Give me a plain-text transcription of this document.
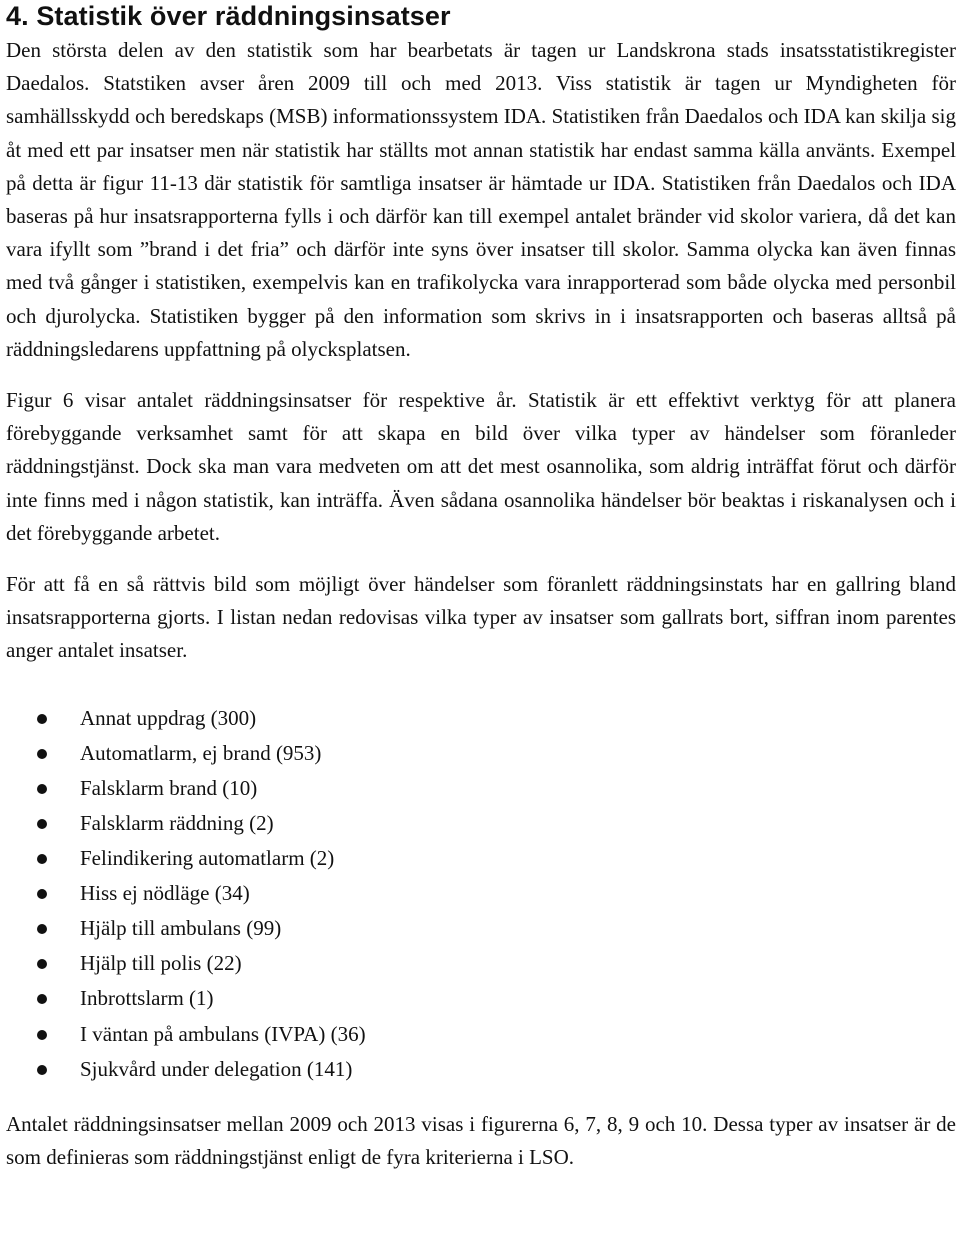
4. Statistik över räddningsinsatser

Den största delen av den statistik som har bearbetats är tagen ur Landskrona stads insatsstatistikregister Daedalos. Statstiken avser åren 2009 till och med 2013. Viss statistik är tagen ur Myndigheten för samhällsskydd och beredskaps (MSB) informationssystem IDA. Statistiken från Daedalos och IDA kan skilja sig åt med ett par insatser men när statistik har ställts mot annan statistik har endast samma källa använts. Exempel på detta är figur 11-13 där statistik för samtliga insatser är hämtade ur IDA. Statistiken från Daedalos och IDA baseras på hur insatsrapporterna fylls i och därför kan till exempel antalet bränder vid skolor variera, då det kan vara ifyllt som ”brand i det fria” och därför inte syns över insatser till skolor. Samma olycka kan även finnas med två gånger i statistiken, exempelvis kan en trafikolycka vara inrapporterad som både olycka med personbil och djurolycka. Statistiken bygger på den information som skrivs in i insatsrapporten och baseras alltså på räddningsledarens uppfattning på olycksplatsen.

Figur 6 visar antalet räddningsinsatser för respektive år. Statistik är ett effektivt verktyg för att planera förebyggande verksamhet samt för att skapa en bild över vilka typer av händelser som föranleder räddningstjänst. Dock ska man vara medveten om att det mest osannolika, som aldrig inträffat förut och därför inte finns med i någon statistik, kan inträffa. Även sådana osannolika händelser bör beaktas i riskanalysen och i det förebyggande arbetet.

För att få en så rättvis bild som möjligt över händelser som föranlett räddningsinstats har en gallring bland insatsrapporterna gjorts. I listan nedan redovisas vilka typer av insatser som gallrats bort, siffran inom parentes anger antalet insatser.

Annat uppdrag (300)
Automatlarm, ej brand (953)
Falsklarm brand (10)
Falsklarm räddning (2)
Felindikering automatlarm (2)
Hiss ej nödläge (34)
Hjälp till ambulans (99)
Hjälp till polis (22)
Inbrottslarm (1)
I väntan på ambulans (IVPA) (36)
Sjukvård under delegation (141)

Antalet räddningsinsatser mellan 2009 och 2013 visas i figurerna 6, 7, 8, 9 och 10. Dessa typer av insatser är de som definieras som räddningstjänst enligt de fyra kriterierna i LSO.
